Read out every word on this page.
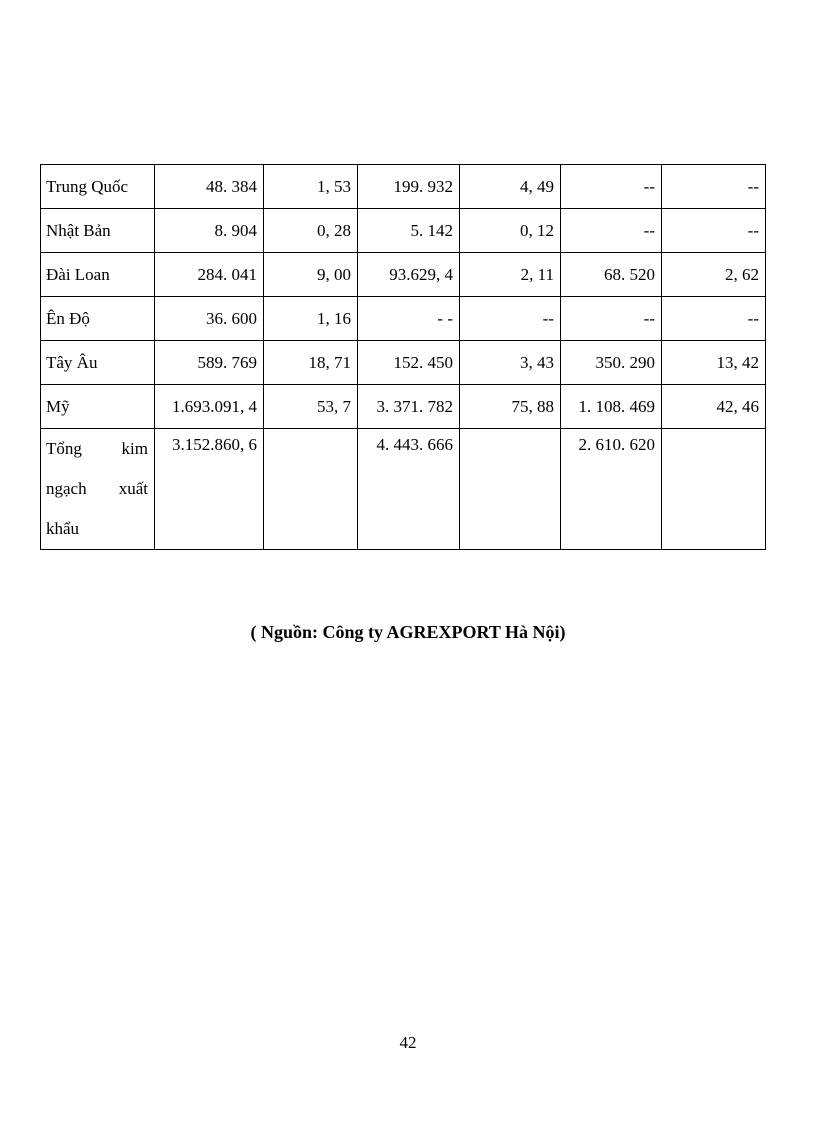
Trung Quốc	48. 384	1, 53	199. 932	4, 49	--	--
Nhật Bản	8. 904	0, 28	5. 142	0, 12	--	--
Đài Loan	284. 041	9, 00	93.629, 4	2, 11	68. 520	2, 62
Ên Độ	36. 600	1, 16	- -	--	--	--
Tây Âu	589. 769	18, 71	152. 450	3, 43	350. 290	13, 42
Mỹ	1.693.091, 4	53, 7	3. 371. 782	75, 88	1. 108. 469	42, 46
Tổng kim ngạch xuất khẩu	3.152.860, 6		4. 443. 666		2. 610. 620	
( Nguồn: Công ty AGREXPORT Hà Nội)
42
